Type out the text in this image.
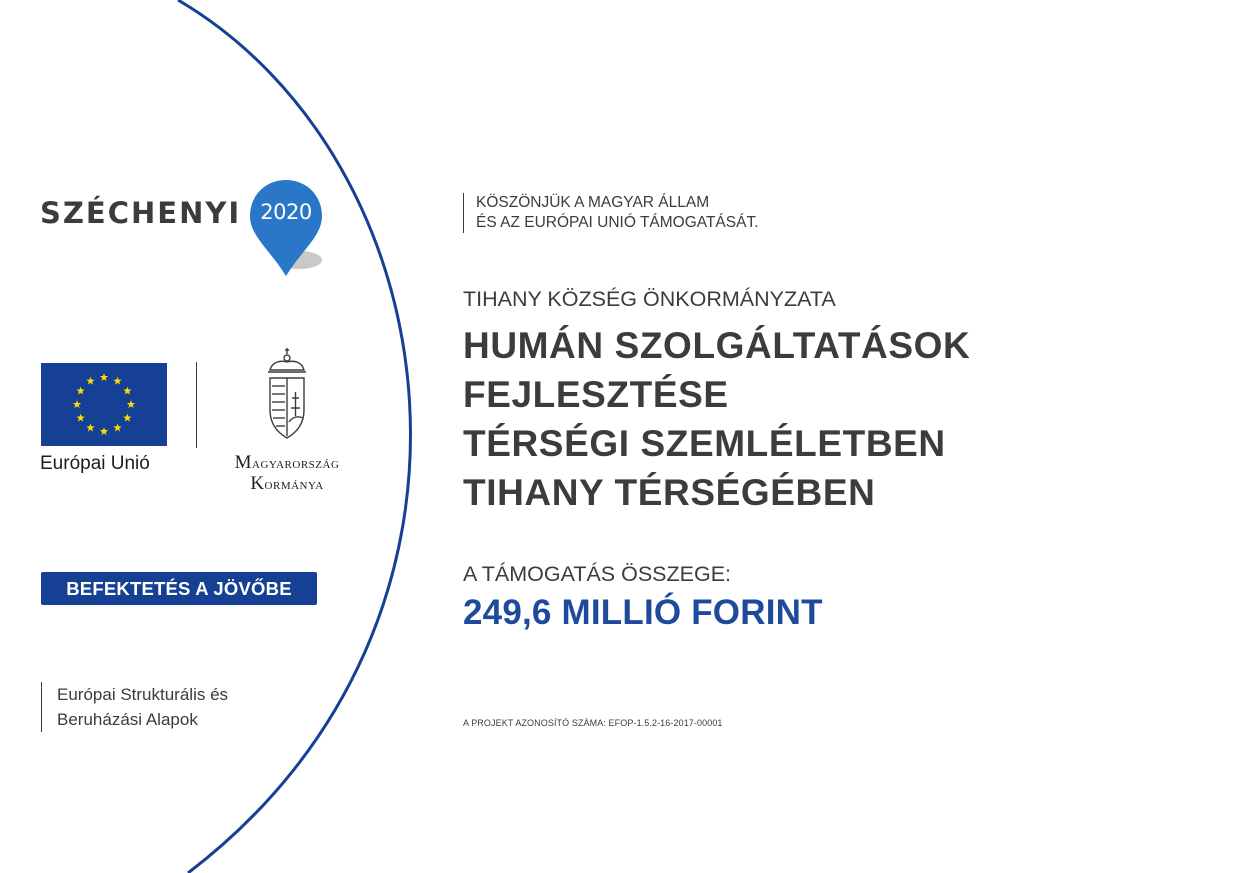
SZÉCHENYI 2020
Európai Unió	Magyarország
Kormánya
BEFEKTETÉS A JÖVŐBE
Európai Strukturális és
Beruházási Alapok
KÖSZÖNJÜK A MAGYAR ÁLLAM
ÉS AZ EURÓPAI UNIÓ TÁMOGATÁSÁT.
TIHANY KÖZSÉG ÖNKORMÁNYZATA
HUMÁN SZOLGÁLTATÁSOK
FEJLESZTÉSE
TÉRSÉGI SZEMLÉLETBEN
TIHANY TÉRSÉGÉBEN
A TÁMOGATÁS ÖSSZEGE:
249,6 MILLIÓ FORINT
A PROJEKT AZONOSÍTÓ SZÁMA: EFOP-1.5.2-16-2017-00001
